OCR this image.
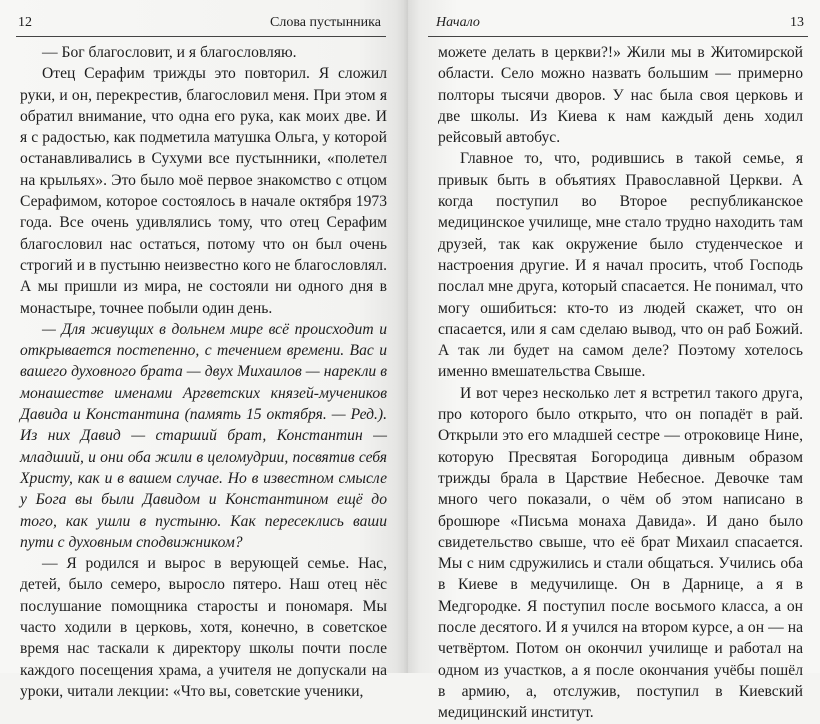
12	Слова пустынника

— Бог благословит, и я благословляю.

Отец Серафим трижды это повторил. Я сложил руки, и он, перекрестив, благословил меня. При этом я обратил внимание, что одна его рука, как моих две. И я с радостью, как подметила матушка Ольга, у которой останавливались в Сухуми все пустынники, «полетел на крыльях». Это было моё первое знакомство с отцом Серафимом, которое состоялось в начале октября 1973 года. Все очень удивлялись тому, что отец Серафим благословил нас остаться, потому что он был очень строгий и в пустыню неизвестно кого не благословлял. А мы пришли из мира, не состояли ни одного дня в монастыре, точнее побыли один день.

— Для живущих в дольнем мире всё происходит и открывается постепенно, с течением времени. Вас и вашего духовного брата — двух Михаилов — нарекли в монашестве именами Аргветских князей-мучеников Давида и Константина (память 15 октября. — Ред.). Из них Давид — старший брат, Константин — младший, и они оба жили в целомудрии, посвятив себя Христу, как и в вашем случае. Но в известном смысле у Бога вы были Давидом и Константином ещё до того, как ушли в пустыню. Как пересеклись ваши пути с духовным сподвижником?

— Я родился и вырос в верующей семье. Нас, детей, было семеро, выросло пятеро. Наш отец нёс послушание помощника старосты и пономаря. Мы часто ходили в церковь, хотя, конечно, в советское время нас таскали к директору школы почти после каждого посещения храма, а учителя не допускали на уроки, читали лекции: «Что вы, советские ученики,

Начало	13

можете делать в церкви?!» Жили мы в Житомирской области. Село можно назвать большим — примерно полторы тысячи дворов. У нас была своя церковь и две школы. Из Киева к нам каждый день ходил рейсовый автобус.

Главное то, что, родившись в такой семье, я привык быть в объятиях Православной Церкви. А когда поступил во Второе республиканское медицинское училище, мне стало трудно находить там друзей, так как окружение было студенческое и настроения другие. И я начал просить, чтоб Господь послал мне друга, который спасается. Не понимал, что могу ошибиться: кто-то из людей скажет, что он спасается, или я сам сделаю вывод, что он раб Божий. А так ли будет на самом деле? Поэтому хотелось именно вмешательства Свыше.

И вот через несколько лет я встретил такого друга, про которого было открыто, что он попадёт в рай. Открыли это его младшей сестре — отроковице Нине, которую Пресвятая Богородица дивным образом трижды брала в Царствие Небесное. Девочке там много чего показали, о чём об этом написано в брошюре «Письма монаха Давида». И дано было свидетельство свыше, что её брат Михаил спасается. Мы с ним сдружились и стали общаться. Учились оба в Киеве в медучилище. Он в Дарнице, а я в Медгородке. Я поступил после восьмого класса, а он после десятого. И я учился на втором курсе, а он — на четвёртом. Потом он окончил училище и работал на одном из участков, а я после окончания учёбы пошёл в армию, а, отслужив, поступил в Киевский медицинский институт.
